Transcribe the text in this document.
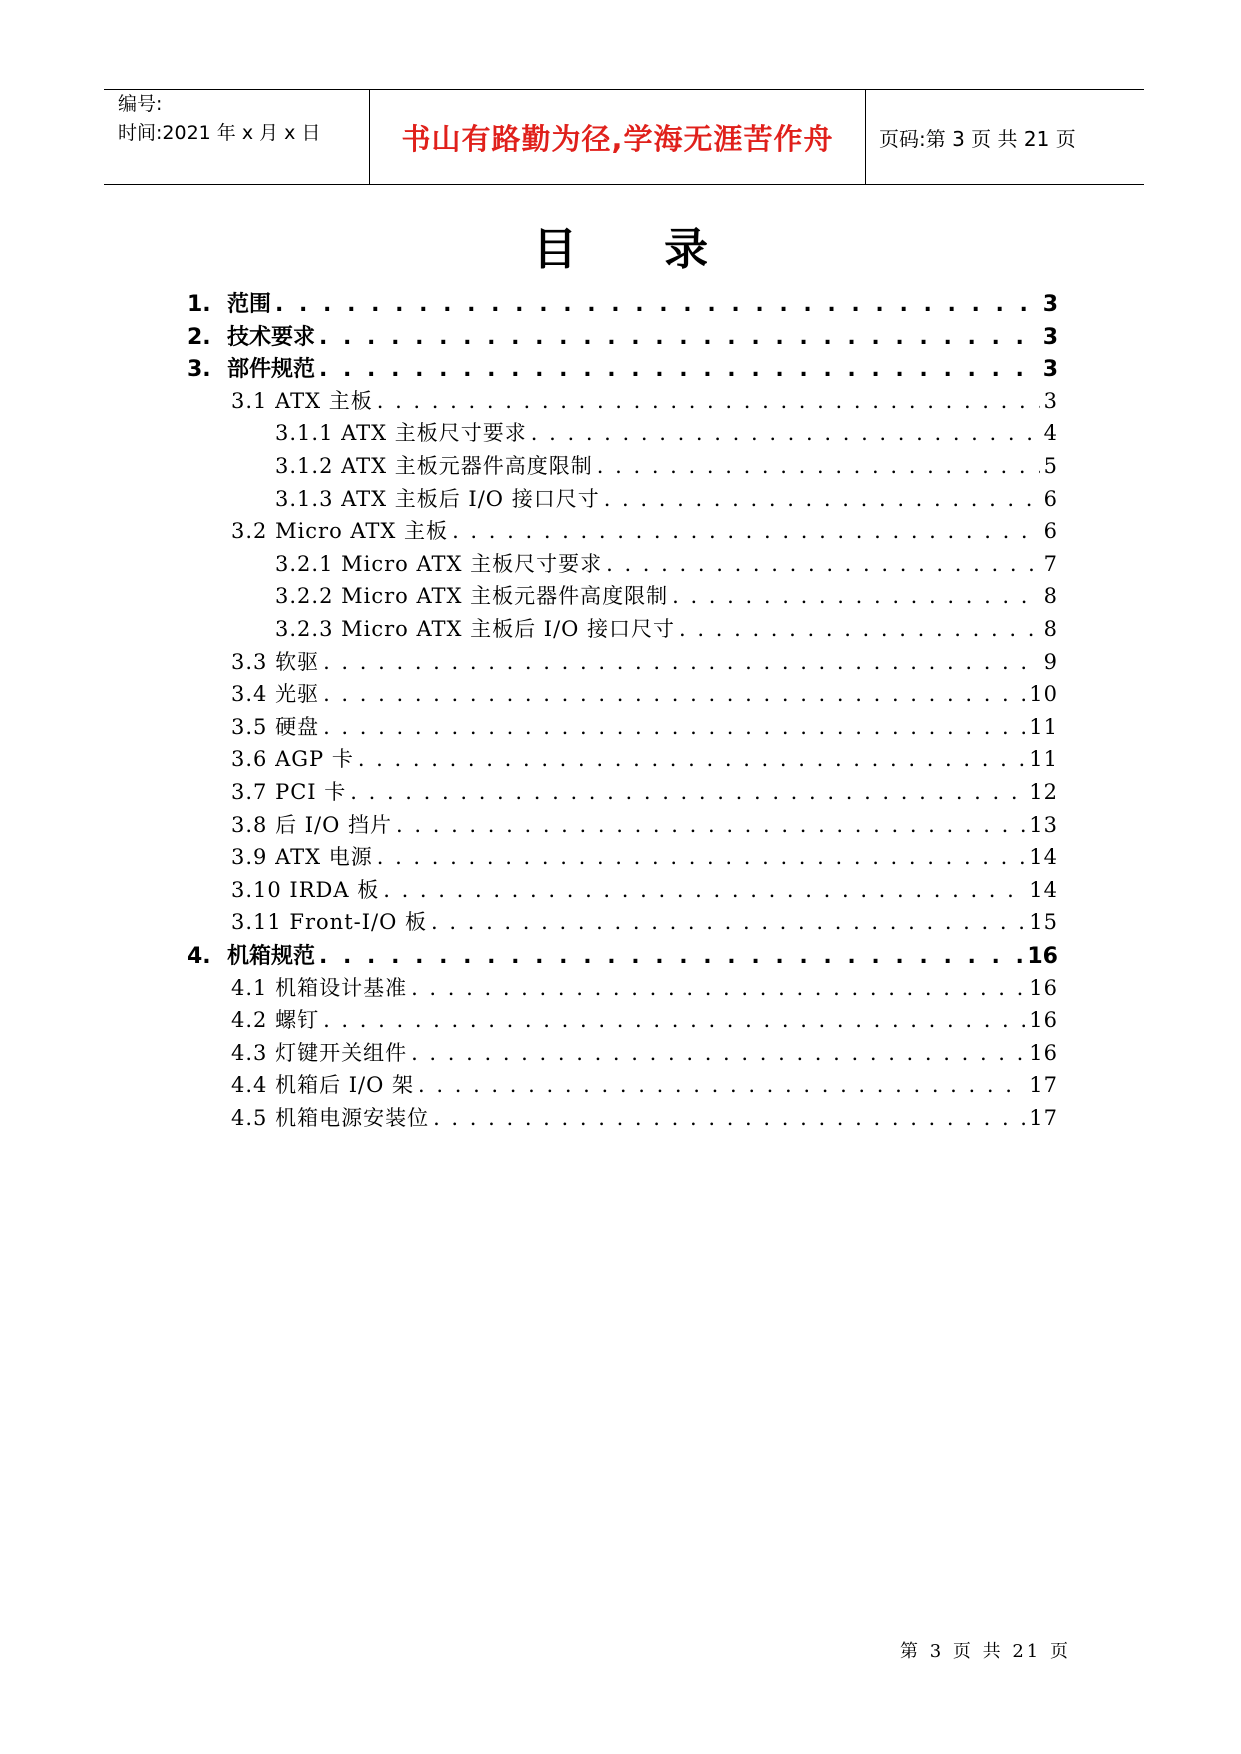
编号:
时间:2021 年 x 月 x 日	书山有路勤为径,学海无涯苦作舟 页码:第 3 页 共 21 页
目 录
1. 范围 . . .	3
2. 技术要求 . . .	3
3. 部件规范 . . .	3
3.1 ATX 主板 . . .	3
3.1.1 ATX 主板尺寸要求 . . .	4
3.1.2 ATX 主板元器件高度限制 . . .	5
3.1.3 ATX 主板后 I/O 接口尺寸 . . .	6
3.2 Micro ATX 主板 . . .	6
3.2.1 Micro ATX 主板尺寸要求 . . .	7
3.2.2 Micro ATX 主板元器件高度限制 . . .	8
3.2.3 Micro ATX 主板后 I/O 接口尺寸 . . .	8
3.3 软驱 . . .	9
3.4 光驱 . . .	10
3.5 硬盘 . . .	11
3.6 AGP 卡 . . .	11
3.7 PCI 卡 . . .	12
3.8 后 I/O 挡片 . . .	13
3.9 ATX 电源 . . .	14
3.10 IRDA 板 . . .	14
3.11 Front-I/O 板 . . .	15
4. 机箱规范 . . .	16
4.1 机箱设计基准 . . .	16
4.2 螺钉 . . .	16
4.3 灯键开关组件 . . .	16
4.4 机箱后 I/O 架 . . .	17
4.5 机箱电源安装位 . . .	17
第 3 页 共 21 页
